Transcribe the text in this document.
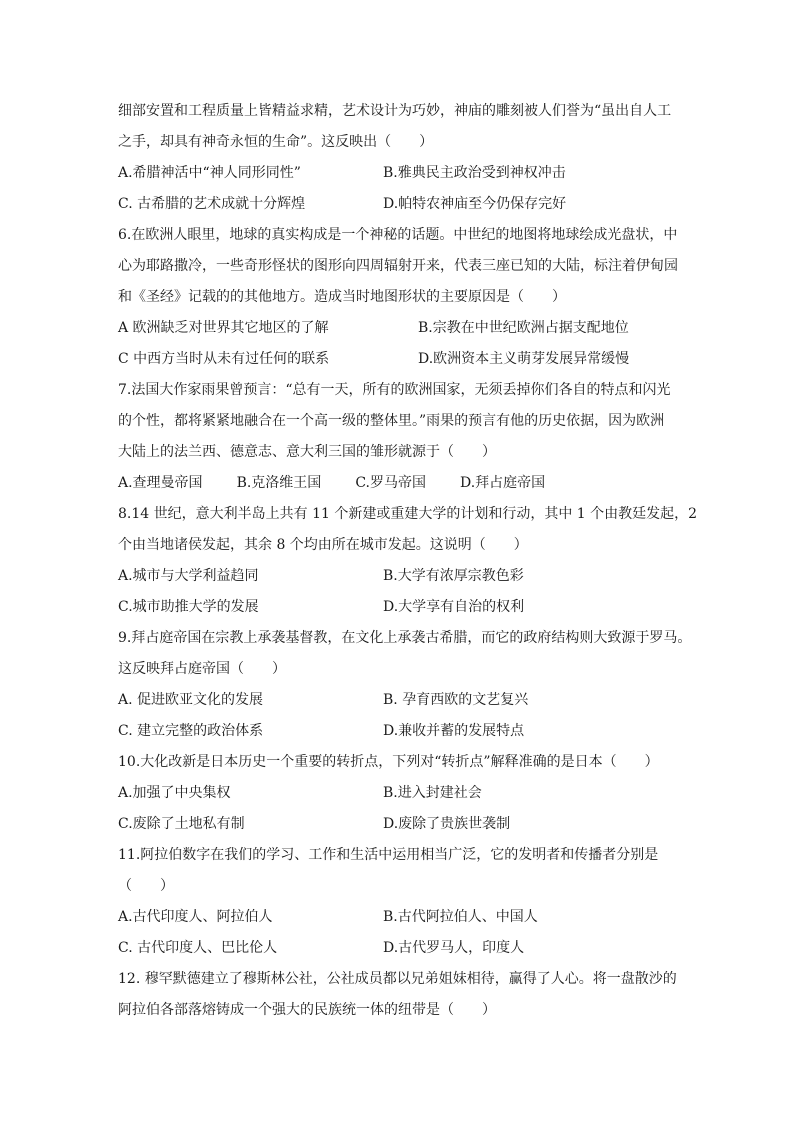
细部安置和工程质量上皆精益求精，艺术设计为巧妙，神庙的雕刻被人们誉为“虽出自人工
之手，却具有神奇永恒的生命”。这反映出（　　）
A.希腊神活中“神人同形同性”	B.雅典民主政治受到神权冲击
C. 古希腊的艺术成就十分辉煌	D.帕特农神庙至今仍保存完好
6.在欧洲人眼里，地球的真实构成是一个神秘的话题。中世纪的地图将地球绘成光盘状，中
心为耶路撒冷，一些奇形怪状的图形向四周辐射开来，代表三座已知的大陆，标注着伊甸园
和《圣经》记载的的其他地方。造成当时地图形状的主要原因是（　　）
A 欧洲缺乏对世界其它地区的了解	B.宗教在中世纪欧洲占据支配地位
C 中西方当时从未有过任何的联系	D.欧洲资本主义萌芽发展异常缓慢
7.法国大作家雨果曾预言：“总有一天，所有的欧洲国家，无须丢掉你们各自的特点和闪光
的个性，都将紧紧地融合在一个高一级的整体里。”雨果的预言有他的历史依据，因为欧洲
大陆上的法兰西、德意志、意大利三国的雏形就源于（　　）
A.查理曼帝国 B.克洛维王国 C.罗马帝国 D.拜占庭帝国
8.14 世纪，意大利半岛上共有 11 个新建或重建大学的计划和行动，其中 1 个由教廷发起，2
个由当地诸侯发起，其余 8 个均由所在城市发起。这说明（　　）
A.城市与大学利益趋同	B.大学有浓厚宗教色彩
C.城市助推大学的发展	D.大学享有自治的权利
9.拜占庭帝国在宗教上承袭基督教，在文化上承袭古希腊，而它的政府结构则大致源于罗马。
这反映拜占庭帝国（　　）
A. 促进欧亚文化的发展	B. 孕育西欧的文艺复兴
C. 建立完整的政治体系	D.兼收并蓄的发展特点
10.大化改新是日本历史一个重要的转折点，下列对“转折点”解释准确的是日本（　　）
A.加强了中央集权	B.进入封建社会
C.废除了土地私有制	D.废除了贵族世袭制
11.阿拉伯数字在我们的学习、工作和生活中运用相当广泛，它的发明者和传播者分别是
（　　）
A.古代印度人、阿拉伯人	B.古代阿拉伯人、中国人
C. 古代印度人、巴比伦人	D.古代罗马人，印度人
12. 穆罕默德建立了穆斯林公社，公社成员都以兄弟姐妹相待，赢得了人心。将一盘散沙的
阿拉伯各部落熔铸成一个强大的民族统一体的纽带是（　　）
